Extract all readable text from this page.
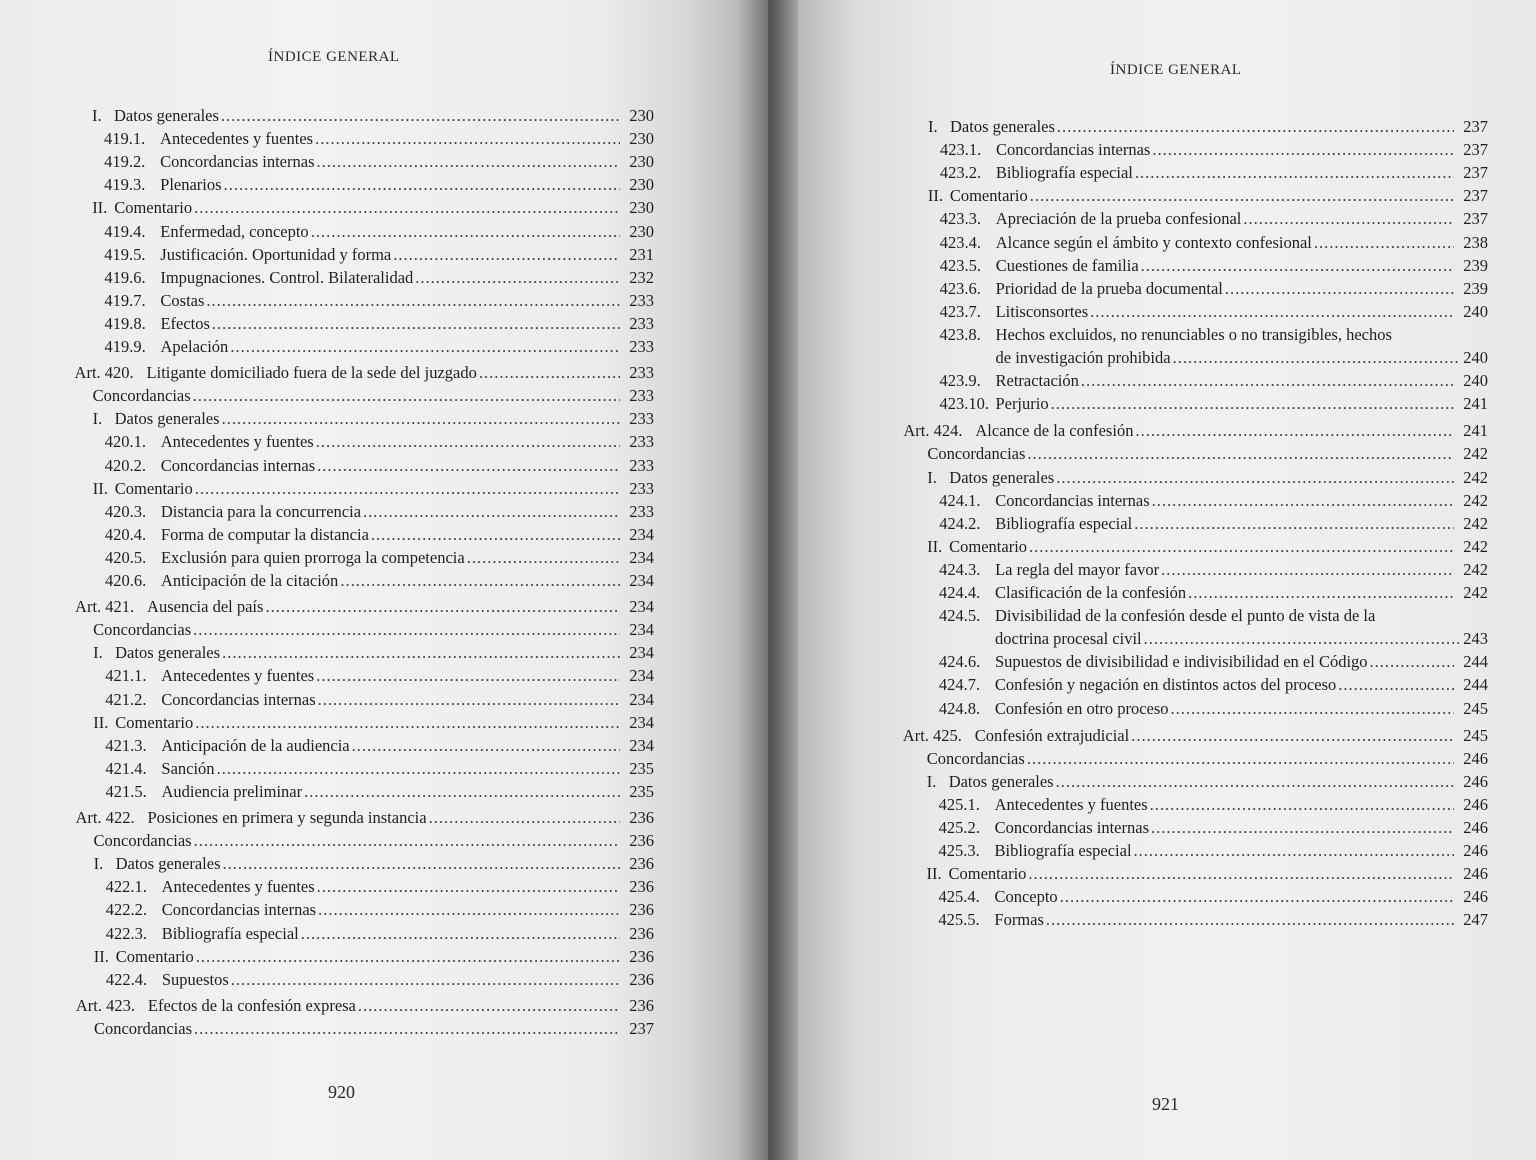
ÍNDICE GENERAL
I. Datos generales .....	230
419.1. Antecedentes y fuentes .....	230
419.2. Concordancias internas .....	230
419.3. Plenarios .....	230
II. Comentario .....	230
419.4. Enfermedad, concepto .....	230
419.5. Justificación. Oportunidad y forma .....	231
419.6. Impugnaciones. Control. Bilateralidad .....	232
419.7. Costas .....	233
419.8. Efectos .....	233
419.9. Apelación .....	233
Art. 420. Litigante domiciliado fuera de la sede del juzgado .....	233
Concordancias .....	233
I. Datos generales .....	233
420.1. Antecedentes y fuentes .....	233
420.2. Concordancias internas .....	233
II. Comentario .....	233
420.3. Distancia para la concurrencia .....	233
420.4. Forma de computar la distancia .....	234
420.5. Exclusión para quien prorroga la competencia .....	234
420.6. Anticipación de la citación .....	234
Art. 421. Ausencia del país .....	234
Concordancias .....	234
I. Datos generales .....	234
421.1. Antecedentes y fuentes .....	234
421.2. Concordancias internas .....	234
II. Comentario .....	234
421.3. Anticipación de la audiencia .....	234
421.4. Sanción .....	235
421.5. Audiencia preliminar .....	235
Art. 422. Posiciones en primera y segunda instancia .....	236
Concordancias .....	236
I. Datos generales .....	236
422.1. Antecedentes y fuentes .....	236
422.2. Concordancias internas .....	236
422.3. Bibliografía especial .....	236
II. Comentario .....	236
422.4. Supuestos .....	236
Art. 423. Efectos de la confesión expresa .....	236
Concordancias .....	237
920
ÍNDICE GENERAL
I. Datos generales .....	237
423.1. Concordancias internas .....	237
423.2. Bibliografía especial .....	237
II. Comentario .....	237
423.3. Apreciación de la prueba confesional .....	237
423.4. Alcance según el ámbito y contexto confesional .....	238
423.5. Cuestiones de familia .....	239
423.6. Prioridad de la prueba documental .....	239
423.7. Litisconsortes .....	240
423.8. Hechos excluidos, no renunciables o no transigibles, hechos
de investigación prohibida .....	240
423.9. Retractación .....	240
423.10. Perjurio .....	241
Art. 424. Alcance de la confesión .....	241
Concordancias .....	242
I. Datos generales .....	242
424.1. Concordancias internas .....	242
424.2. Bibliografía especial .....	242
II. Comentario .....	242
424.3. La regla del mayor favor .....	242
424.4. Clasificación de la confesión .....	242
424.5. Divisibilidad de la confesión desde el punto de vista de la
doctrina procesal civil .....	243
424.6. Supuestos de divisibilidad e indivisibilidad en el Código .....	244
424.7. Confesión y negación en distintos actos del proceso .....	244
424.8. Confesión en otro proceso .....	245
Art. 425. Confesión extrajudicial .....	245
Concordancias .....	246
I. Datos generales .....	246
425.1. Antecedentes y fuentes .....	246
425.2. Concordancias internas .....	246
425.3. Bibliografía especial .....	246
II. Comentario .....	246
425.4. Concepto .....	246
425.5. Formas .....	247
921
